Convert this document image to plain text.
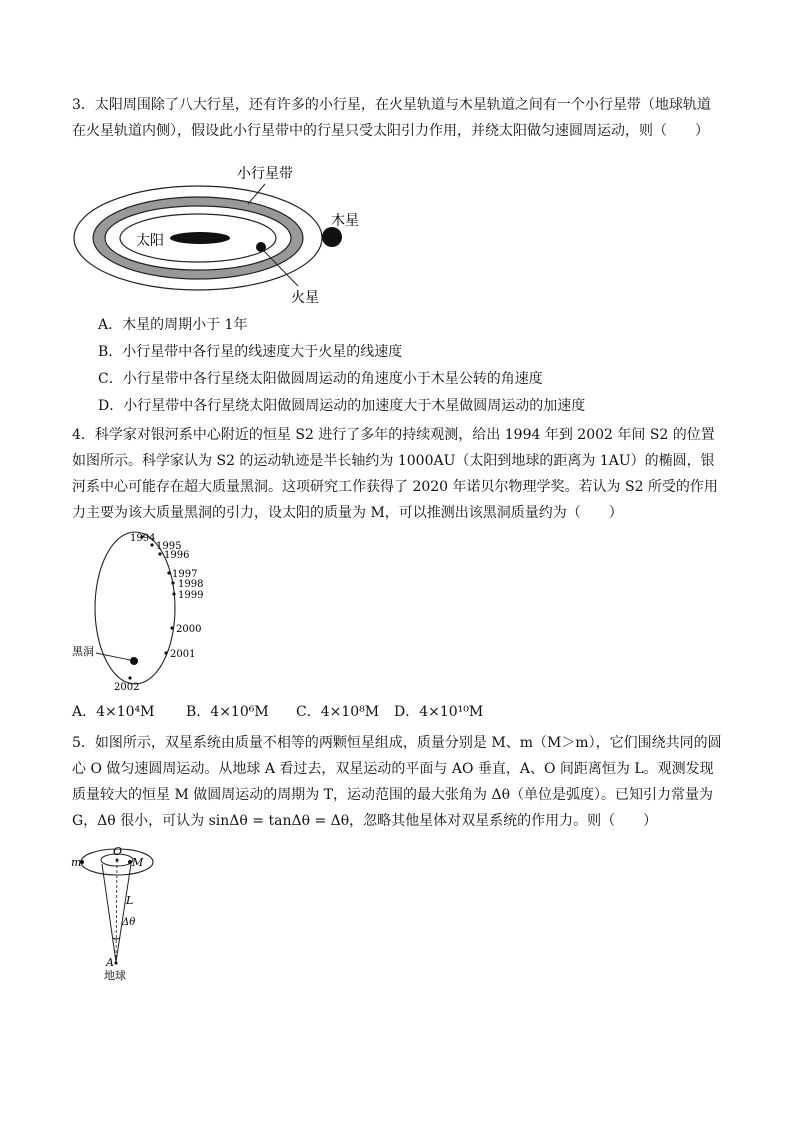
3．太阳周围除了八大行星，还有许多的小行星，在火星轨道与木星轨道之间有一个小行星带（地球轨道在火星轨道内侧），假设此小行星带中的行星只受太阳引力作用，并绕太阳做匀速圆周运动，则（　　）

小行星带
木星
太阳
火星

A．木星的周期小于 1年

B．小行星带中各行星的线速度大于火星的线速度

C．小行星带中各行星绕太阳做圆周运动的角速度小于木星公转的角速度

D．小行星带中各行星绕太阳做圆周运动的加速度大于木星做圆周运动的加速度

4．科学家对银河系中心附近的恒星 S2 进行了多年的持续观测，给出 1994 年到 2002 年间 S2 的位置如图所示。科学家认为 S2 的运动轨迹是半长轴约为 1000AU（太阳到地球的距离为 1AU）的椭圆，银河系中心可能存在超大质量黑洞。这项研究工作获得了 2020 年诺贝尔物理学奖。若认为 S2 所受的作用力主要为该大质量黑洞的引力，设太阳的质量为 M，可以推测出该黑洞质量约为（　　）

黑洞
1994
1995
1996
1997
1998
1999
2000
2001
2002

A．4×10⁴M B．4×10⁶M C．4×10⁸M D．4×10¹⁰M

5．如图所示，双星系统由质量不相等的两颗恒星组成，质量分别是 M、m（M＞m），它们围绕共同的圆心 O 做匀速圆周运动。从地球 A 看过去，双星运动的平面与 AO 垂直，A、O 间距离恒为 L。观测发现质量较大的恒星 M 做圆周运动的周期为 T，运动范围的最大张角为 Δθ（单位是弧度）。已知引力常量为 G，Δθ 很小，可认为 sinΔθ = tanΔθ = Δθ，忽略其他星体对双星系统的作用力。则（　　）

m	M
O
L
Δθ
A
地球
